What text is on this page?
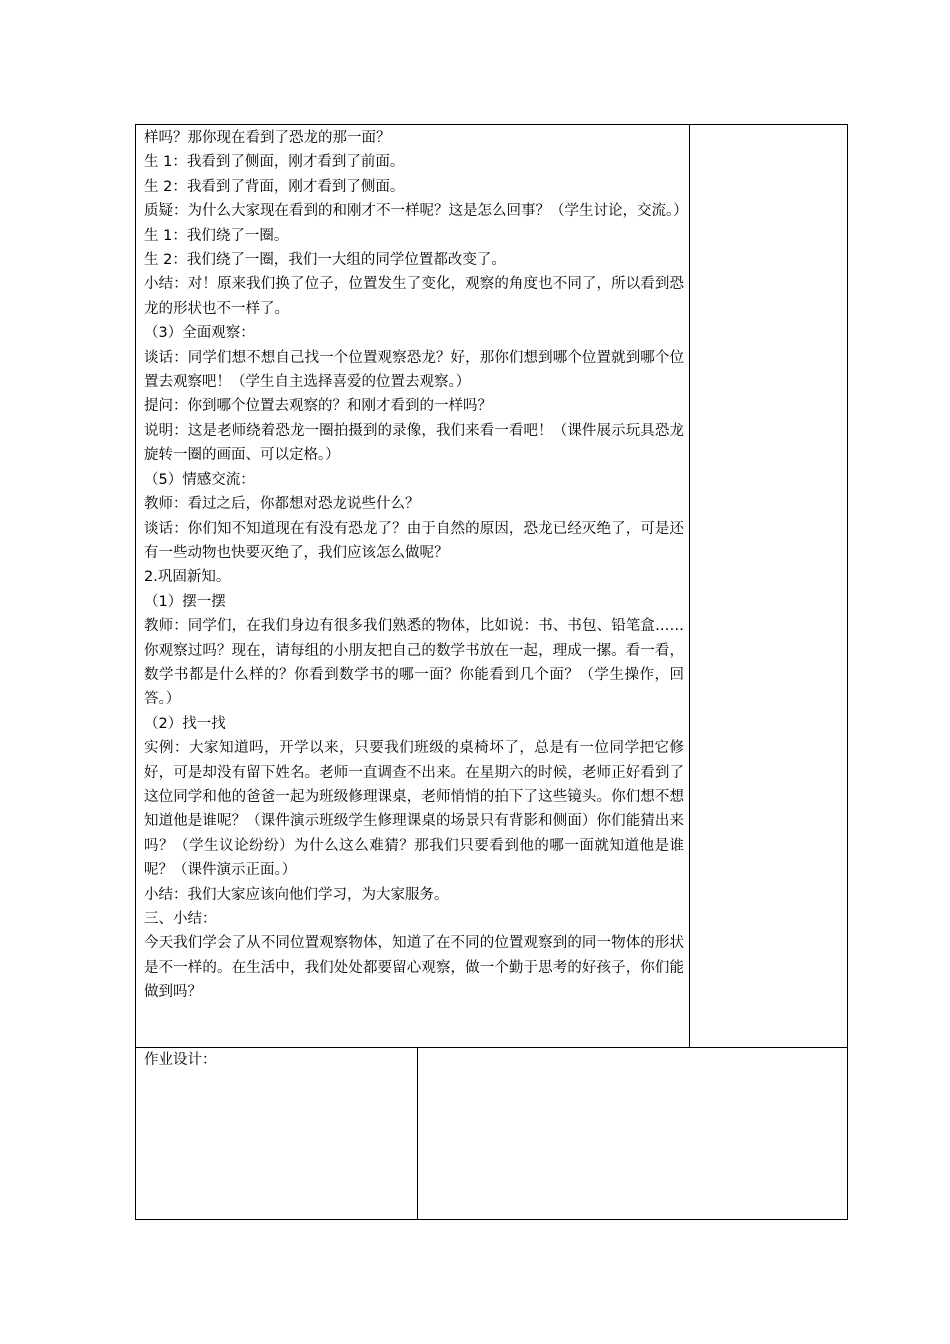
样吗？那你现在看到了恐龙的那一面？

生 1：我看到了侧面，刚才看到了前面。

生 2：我看到了背面，刚才看到了侧面。

质疑：为什么大家现在看到的和刚才不一样呢？这是怎么回事？（学生讨论，交流。）

生 1：我们绕了一圈。

生 2：我们绕了一圈，我们一大组的同学位置都改变了。

小结：对！原来我们换了位子，位置发生了变化，观察的角度也不同了，所以看到恐龙的形状也不一样了。

（3）全面观察：

谈话：同学们想不想自己找一个位置观察恐龙？好，那你们想到哪个位置就到哪个位置去观察吧！（学生自主选择喜爱的位置去观察。）

提问：你到哪个位置去观察的？和刚才看到的一样吗？

说明：这是老师绕着恐龙一圈拍摄到的录像，我们来看一看吧！（课件展示玩具恐龙旋转一圈的画面、可以定格。）

（5）情感交流：

教师：看过之后，你都想对恐龙说些什么？

谈话：你们知不知道现在有没有恐龙了？由于自然的原因，恐龙已经灭绝了，可是还有一些动物也快要灭绝了，我们应该怎么做呢？

2.巩固新知。

（1）摆一摆

教师：同学们，在我们身边有很多我们熟悉的物体，比如说：书、书包、铅笔盒……你观察过吗？现在，请每组的小朋友把自己的数学书放在一起，理成一摞。看一看，数学书都是什么样的？你看到数学书的哪一面？你能看到几个面？（学生操作，回答。）

（2）找一找

实例：大家知道吗，开学以来，只要我们班级的桌椅坏了，总是有一位同学把它修好，可是却没有留下姓名。老师一直调查不出来。在星期六的时候，老师正好看到了这位同学和他的爸爸一起为班级修理课桌，老师悄悄的拍下了这些镜头。你们想不想知道他是谁呢？（课件演示班级学生修理课桌的场景只有背影和侧面）你们能猜出来吗？（学生议论纷纷）为什么这么难猜？那我们只要看到他的哪一面就知道他是谁呢？（课件演示正面。）

小结：我们大家应该向他们学习，为大家服务。

三、小结：

今天我们学会了从不同位置观察物体，知道了在不同的位置观察到的同一物体的形状是不一样的。在生活中，我们处处都要留心观察，做一个勤于思考的好孩子，你们能做到吗？

作业设计：
